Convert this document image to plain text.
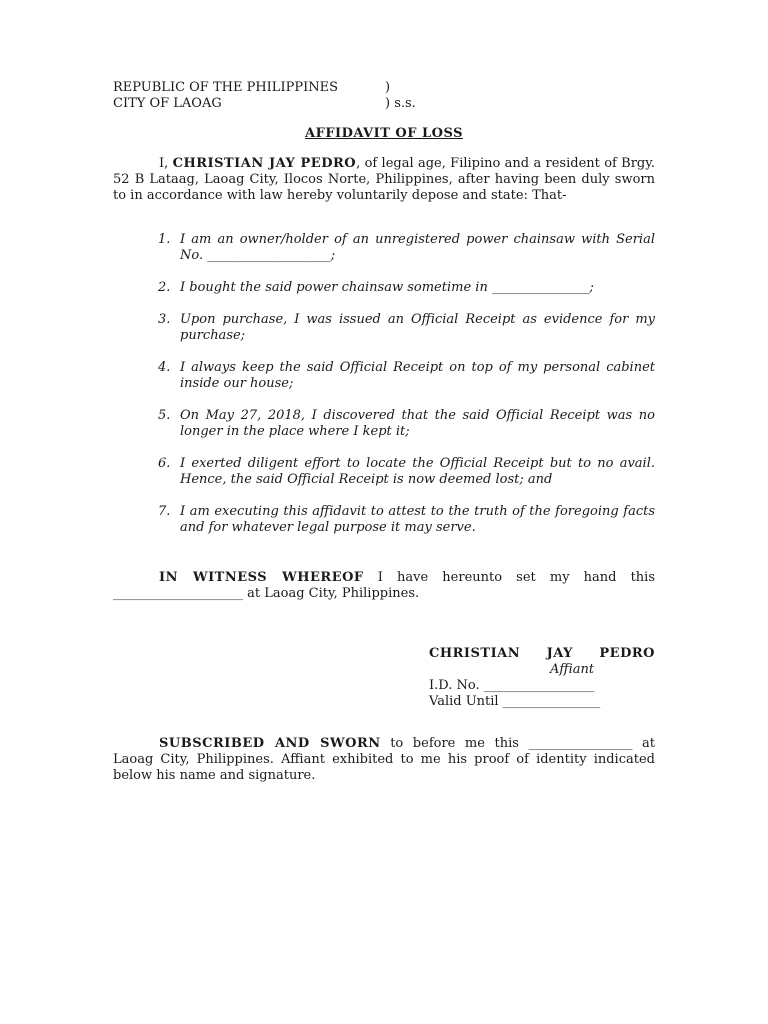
REPUBLIC OF THE PHILIPPINES	)
CITY OF LAOAG	) s.s.
AFFIDAVIT OF LOSS
I, CHRISTIAN JAY PEDRO, of legal age, Filipino and a resident of Brgy. 52 B Lataag, Laoag City, Ilocos Norte, Philippines, after having been duly sworn to in accordance with law hereby voluntarily depose and state: That-
1. I am an owner/holder of an unregistered power chainsaw with Serial No. ___________________;
2. I bought the said power chainsaw sometime in _______________;
3. Upon purchase, I was issued an Official Receipt as evidence for my purchase;
4. I always keep the said Official Receipt on top of my personal cabinet inside our house;
5. On May 27, 2018, I discovered that the said Official Receipt was no longer in the place where I kept it;
6. I exerted diligent effort to locate the Official Receipt but to no avail. Hence, the said Official Receipt is now deemed lost; and
7. I am executing this affidavit to attest to the truth of the foregoing facts and for whatever legal purpose it may serve.
IN WITNESS WHEREOF I have hereunto set my hand this ____________________ at Laoag City, Philippines.
CHRISTIAN JAY PEDRO
Affiant
I.D. No. _________________
Valid Until _______________
SUBSCRIBED AND SWORN to before me this ________________ at Laoag City, Philippines. Affiant exhibited to me his proof of identity indicated below his name and signature.
